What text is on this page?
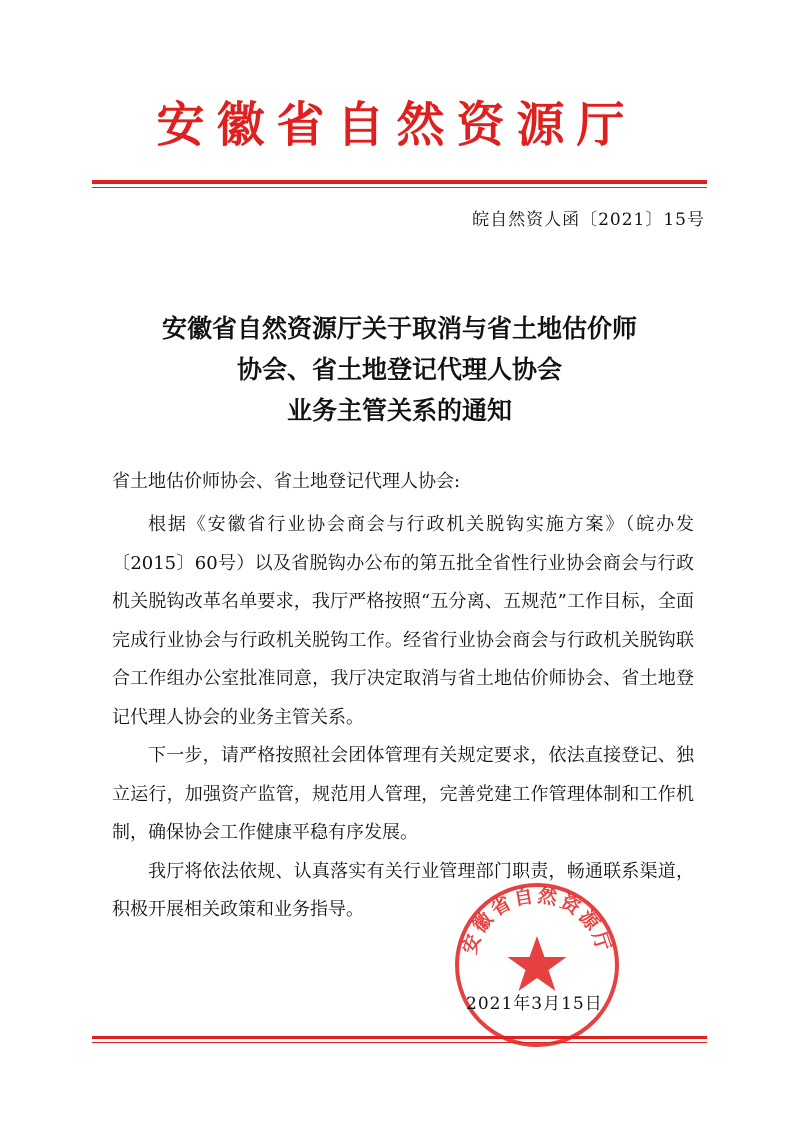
安徽省自然资源厅
皖自然资人函〔2021〕15号
安徽省自然资源厅关于取消与省土地估价师
协会、省土地登记代理人协会
业务主管关系的通知
省土地估价师协会、省土地登记代理人协会:

根据《安徽省行业协会商会与行政机关脱钩实施方案》（皖办发〔2015〕60号）以及省脱钩办公布的第五批全省性行业协会商会与行政机关脱钩改革名单要求，我厅严格按照“五分离、五规范”工作目标，全面完成行业协会与行政机关脱钩工作。经省行业协会商会与行政机关脱钩联合工作组办公室批准同意，我厅决定取消与省土地估价师协会、省土地登记代理人协会的业务主管关系。

下一步，请严格按照社会团体管理有关规定要求，依法直接登记、独立运行，加强资产监管，规范用人管理，完善党建工作管理体制和工作机制，确保协会工作健康平稳有序发展。

我厅将依法依规、认真落实有关行业管理部门职责，畅通联系渠道，积极开展相关政策和业务指导。

安徽省自然资源厅
2021年3月15日
